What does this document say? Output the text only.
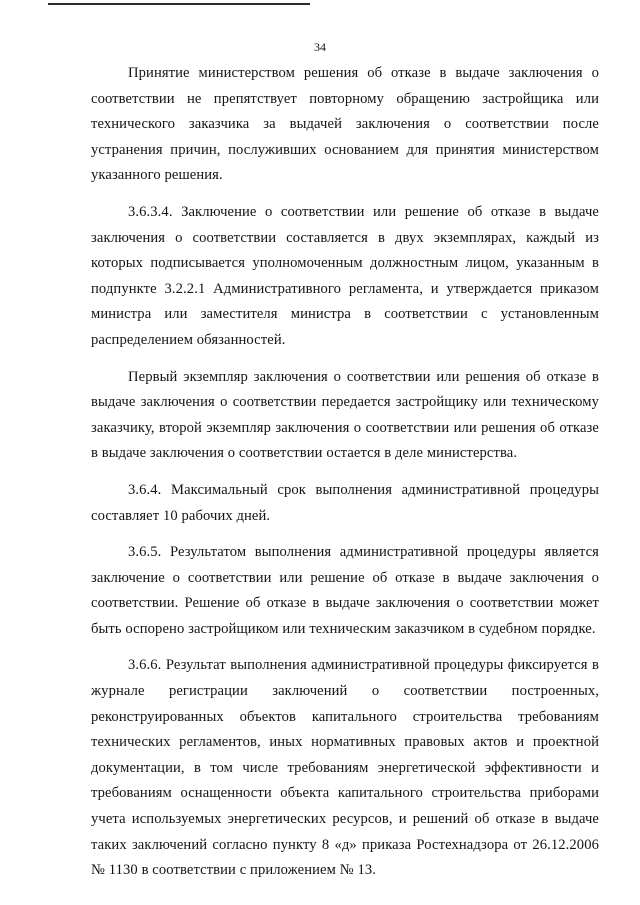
34

Принятие министерством решения об отказе в выдаче заключения о соответствии не препятствует повторному обращению застройщика или технического заказчика за выдачей заключения о соответствии после устранения причин, послуживших основанием для принятия министерством указанного решения.

3.6.3.4. Заключение о соответствии или решение об отказе в выдаче заключения о соответствии составляется в двух экземплярах, каждый из которых подписывается уполномоченным должностным лицом, указанным в подпункте 3.2.2.1 Административного регламента, и утверждается приказом министра или заместителя министра в соответствии с установленным распределением обязанностей.

Первый экземпляр заключения о соответствии или решения об отказе в выдаче заключения о соответствии передается застройщику или техническому заказчику, второй экземпляр заключения о соответствии или решения об отказе в выдаче заключения о соответствии остается в деле министерства.

3.6.4. Максимальный срок выполнения административной процедуры составляет 10 рабочих дней.

3.6.5. Результатом выполнения административной процедуры является заключение о соответствии или решение об отказе в выдаче заключения о соответствии. Решение об отказе в выдаче заключения о соответствии может быть оспорено застройщиком или техническим заказчиком в судебном порядке.

3.6.6. Результат выполнения административной процедуры фиксируется в журнале регистрации заключений о соответствии построенных, реконструированных объектов капитального строительства требованиям технических регламентов, иных нормативных правовых актов и проектной документации, в том числе требованиям энергетической эффективности и требованиям оснащенности объекта капитального строительства приборами учета используемых энергетических ресурсов, и решений об отказе в выдаче таких заключений согласно пункту 8 «д» приказа Ростехнадзора от 26.12.2006 № 1130 в соответствии с приложением № 13.
